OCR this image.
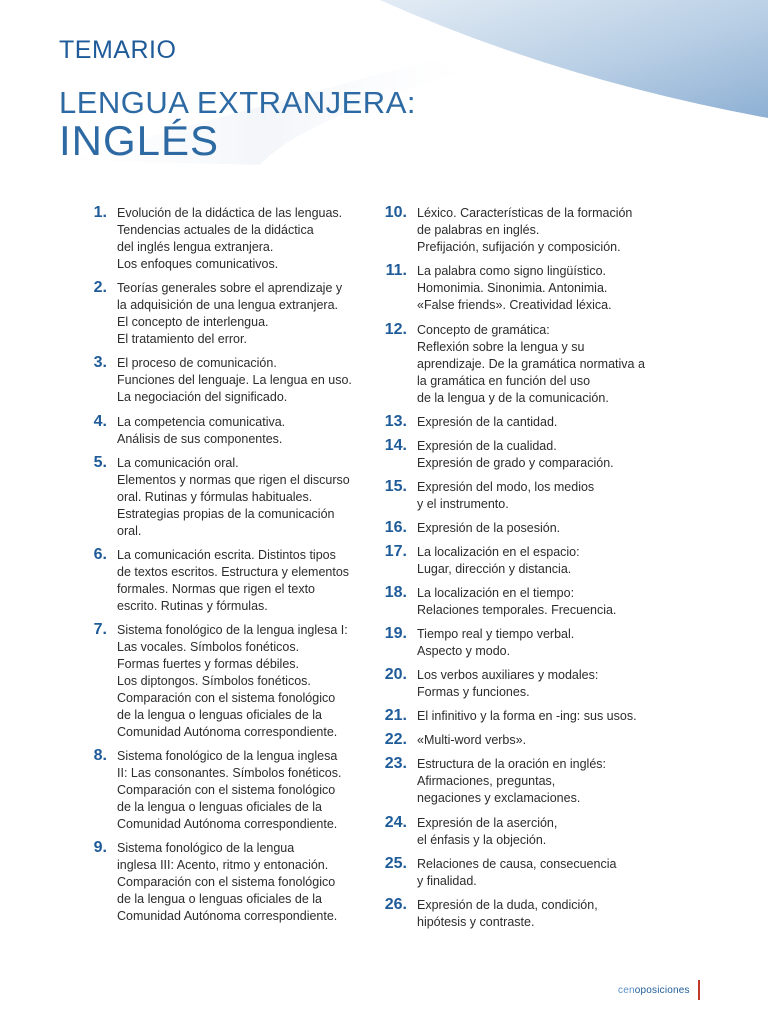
TEMARIO
LENGUA EXTRANJERA:
INGLÉS
1. Evolución de la didáctica de las lenguas.
Tendencias actuales de la didáctica
del inglés lengua extranjera.
Los enfoques comunicativos.
2. Teorías generales sobre el aprendizaje y
la adquisición de una lengua extranjera.
El concepto de interlengua.
El tratamiento del error.
3. El proceso de comunicación.
Funciones del lenguaje. La lengua en uso.
La negociación del significado.
4. La competencia comunicativa.
Análisis de sus componentes.
5. La comunicación oral.
Elementos y normas que rigen el discurso
oral. Rutinas y fórmulas habituales.
Estrategias propias de la comunicación
oral.
6. La comunicación escrita. Distintos tipos
de textos escritos. Estructura y elementos
formales. Normas que rigen el texto
escrito. Rutinas y fórmulas.
7. Sistema fonológico de la lengua inglesa I:
Las vocales. Símbolos fonéticos.
Formas fuertes y formas débiles.
Los diptongos. Símbolos fonéticos.
Comparación con el sistema fonológico
de la lengua o lenguas oficiales de la
Comunidad Autónoma correspondiente.
8. Sistema fonológico de la lengua inglesa
II: Las consonantes. Símbolos fonéticos.
Comparación con el sistema fonológico
de la lengua o lenguas oficiales de la
Comunidad Autónoma correspondiente.
9. Sistema fonológico de la lengua
inglesa III: Acento, ritmo y entonación.
Comparación con el sistema fonológico
de la lengua o lenguas oficiales de la
Comunidad Autónoma correspondiente.
10. Léxico. Características de la formación
de palabras en inglés.
Prefijación, sufijación y composición.
11. La palabra como signo lingüístico.
Homonimia. Sinonimia. Antonimia.
«False friends». Creatividad léxica.
12. Concepto de gramática:
Reflexión sobre la lengua y su
aprendizaje. De la gramática normativa a
la gramática en función del uso
de la lengua y de la comunicación.
13. Expresión de la cantidad.
14. Expresión de la cualidad.
Expresión de grado y comparación.
15. Expresión del modo, los medios
y el instrumento.
16. Expresión de la posesión.
17. La localización en el espacio:
Lugar, dirección y distancia.
18. La localización en el tiempo:
Relaciones temporales. Frecuencia.
19. Tiempo real y tiempo verbal.
Aspecto y modo.
20. Los verbos auxiliares y modales:
Formas y funciones.
21. El infinitivo y la forma en -ing: sus usos.
22. «Multi-word verbs».
23. Estructura de la oración en inglés:
Afirmaciones, preguntas,
negaciones y exclamaciones.
24. Expresión de la aserción,
el énfasis y la objeción.
25. Relaciones de causa, consecuencia
y finalidad.
26. Expresión de la duda, condición,
hipótesis y contraste.
cenoposiciones
